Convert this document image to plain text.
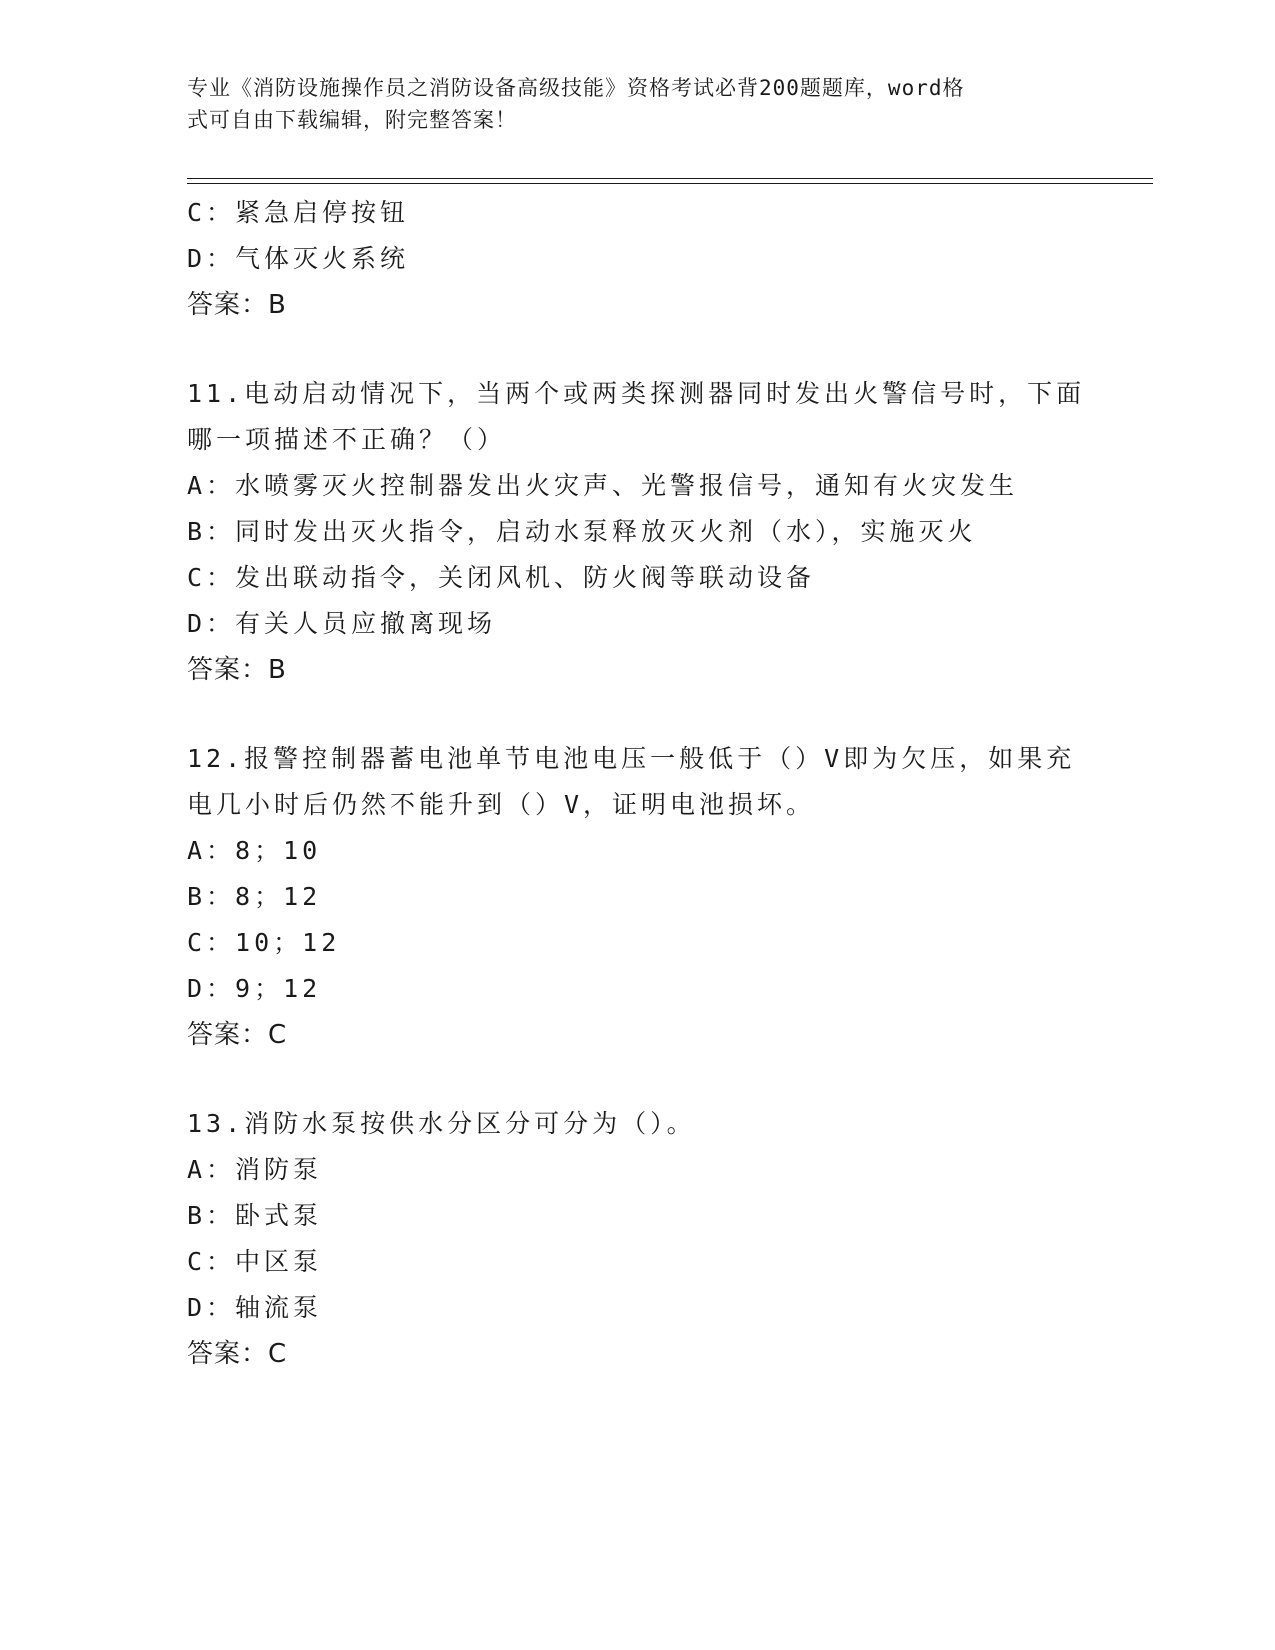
专业《消防设施操作员之消防设备高级技能》资格考试必背200题题库，word格
式可自由下载编辑，附完整答案！
C：紧急启停按钮
D：气体灭火系统
答案：B
11.电动启动情况下，当两个或两类探测器同时发出火警信号时，下面
哪一项描述不正确？（）
A：水喷雾灭火控制器发出火灾声、光警报信号，通知有火灾发生
B：同时发出灭火指令，启动水泵释放灭火剂（水），实施灭火
C：发出联动指令，关闭风机、防火阀等联动设备
D：有关人员应撤离现场
答案：B
12.报警控制器蓄电池单节电池电压一般低于（）V即为欠压，如果充
电几小时后仍然不能升到（）V，证明电池损坏。
A：8；10
B：8；12
C：10；12
D：9；12
答案：C
13.消防水泵按供水分区分可分为（）。
A：消防泵
B：卧式泵
C：中区泵
D：轴流泵
答案：C
